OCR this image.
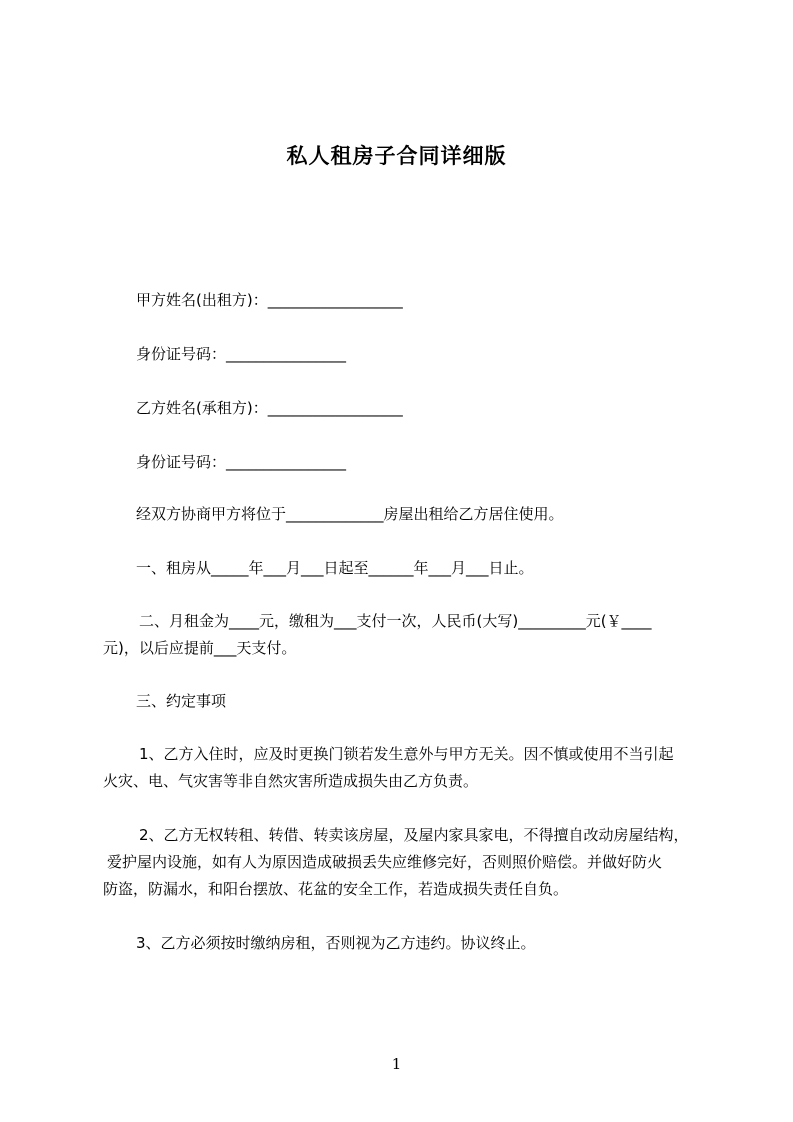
私人租房子合同详细版
甲方姓名(出租方)：__________________
身份证号码：________________
乙方姓名(承租方)：__________________
身份证号码：________________
经双方协商甲方将位于_____________房屋出租给乙方居住使用。
一、租房从_____年___月___日起至______年___月___日止。
二、月租金为____元，缴租为___支付一次，人民币(大写)_________元(￥____
元)，以后应提前___天支付。
三、约定事项
1、乙方入住时，应及时更换门锁若发生意外与甲方无关。因不慎或使用不当引起
火灾、电、气灾害等非自然灾害所造成损失由乙方负责。
2、乙方无权转租、转借、转卖该房屋，及屋内家具家电，不得擅自改动房屋结构，
爱护屋内设施，如有人为原因造成破损丢失应维修完好，否则照价赔偿。并做好防火
防盗，防漏水，和阳台摆放、花盆的安全工作，若造成损失责任自负。
3、乙方必须按时缴纳房租，否则视为乙方违约。协议终止。
1
